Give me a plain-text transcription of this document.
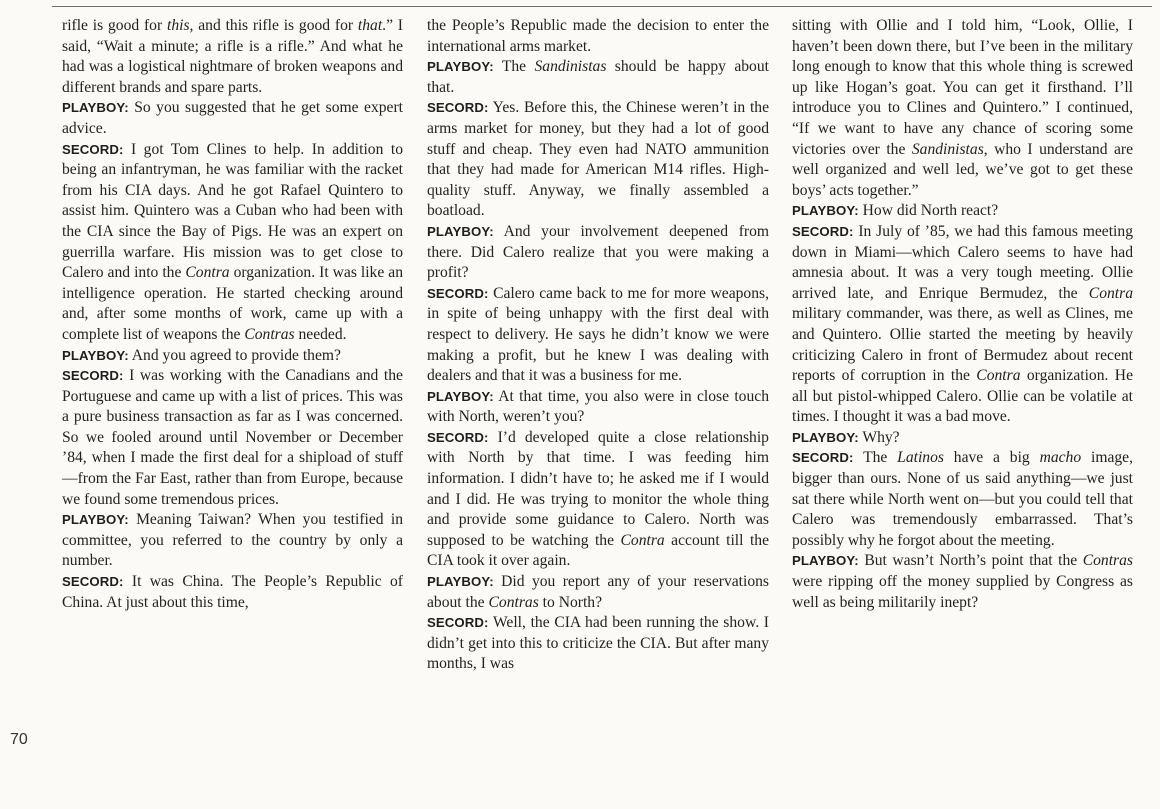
rifle is good for this, and this rifle is good for that.” I said, “Wait a minute; a rifle is a rifle.” And what he had was a logistical nightmare of broken weapons and different brands and spare parts.

PLAYBOY: So you suggested that he get some expert advice.

SECORD: I got Tom Clines to help. In addition to being an infantryman, he was familiar with the racket from his CIA days. And he got Rafael Quintero to assist him. Quintero was a Cuban who had been with the CIA since the Bay of Pigs. He was an expert on guerrilla warfare. His mission was to get close to Calero and into the Contra organization. It was like an intelligence operation. He started checking around and, after some months of work, came up with a complete list of weapons the Contras needed.

PLAYBOY: And you agreed to provide them?

SECORD: I was working with the Canadians and the Portuguese and came up with a list of prices. This was a pure business transaction as far as I was concerned. So we fooled around until November or December ’84, when I made the first deal for a shipload of stuff—from the Far East, rather than from Europe, because we found some tremendous prices.

PLAYBOY: Meaning Taiwan? When you testified in committee, you referred to the country by only a number.

SECORD: It was China. The People’s Republic of China. At just about this time,

the People’s Republic made the decision to enter the international arms market.

PLAYBOY: The Sandinistas should be happy about that.

SECORD: Yes. Before this, the Chinese weren’t in the arms market for money, but they had a lot of good stuff and cheap. They even had NATO ammunition that they had made for American M14 rifles. High-quality stuff. Anyway, we finally assembled a boatload.

PLAYBOY: And your involvement deepened from there. Did Calero realize that you were making a profit?

SECORD: Calero came back to me for more weapons, in spite of being unhappy with the first deal with respect to delivery. He says he didn’t know we were making a profit, but he knew I was dealing with dealers and that it was a business for me.

PLAYBOY: At that time, you also were in close touch with North, weren’t you?

SECORD: I’d developed quite a close relationship with North by that time. I was feeding him information. I didn’t have to; he asked me if I would and I did. He was trying to monitor the whole thing and provide some guidance to Calero. North was supposed to be watching the Contra account till the CIA took it over again.

PLAYBOY: Did you report any of your reservations about the Contras to North?

SECORD: Well, the CIA had been running the show. I didn’t get into this to criticize the CIA. But after many months, I was

sitting with Ollie and I told him, “Look, Ollie, I haven’t been down there, but I’ve been in the military long enough to know that this whole thing is screwed up like Hogan’s goat. You can get it firsthand. I’ll introduce you to Clines and Quintero.” I continued, “If we want to have any chance of scoring some victories over the Sandinistas, who I understand are well organized and well led, we’ve got to get these boys’ acts together.”

PLAYBOY: How did North react?

SECORD: In July of ’85, we had this famous meeting down in Miami—which Calero seems to have had amnesia about. It was a very tough meeting. Ollie arrived late, and Enrique Bermudez, the Contra military commander, was there, as well as Clines, me and Quintero. Ollie started the meeting by heavily criticizing Calero in front of Bermudez about recent reports of corruption in the Contra organization. He all but pistol-whipped Calero. Ollie can be volatile at times. I thought it was a bad move.

PLAYBOY: Why?

SECORD: The Latinos have a big macho image, bigger than ours. None of us said anything—we just sat there while North went on—but you could tell that Calero was tremendously embarrassed. That’s possibly why he forgot about the meeting.

PLAYBOY: But wasn’t North’s point that the Contras were ripping off the money supplied by Congress as well as being militarily inept?

70
